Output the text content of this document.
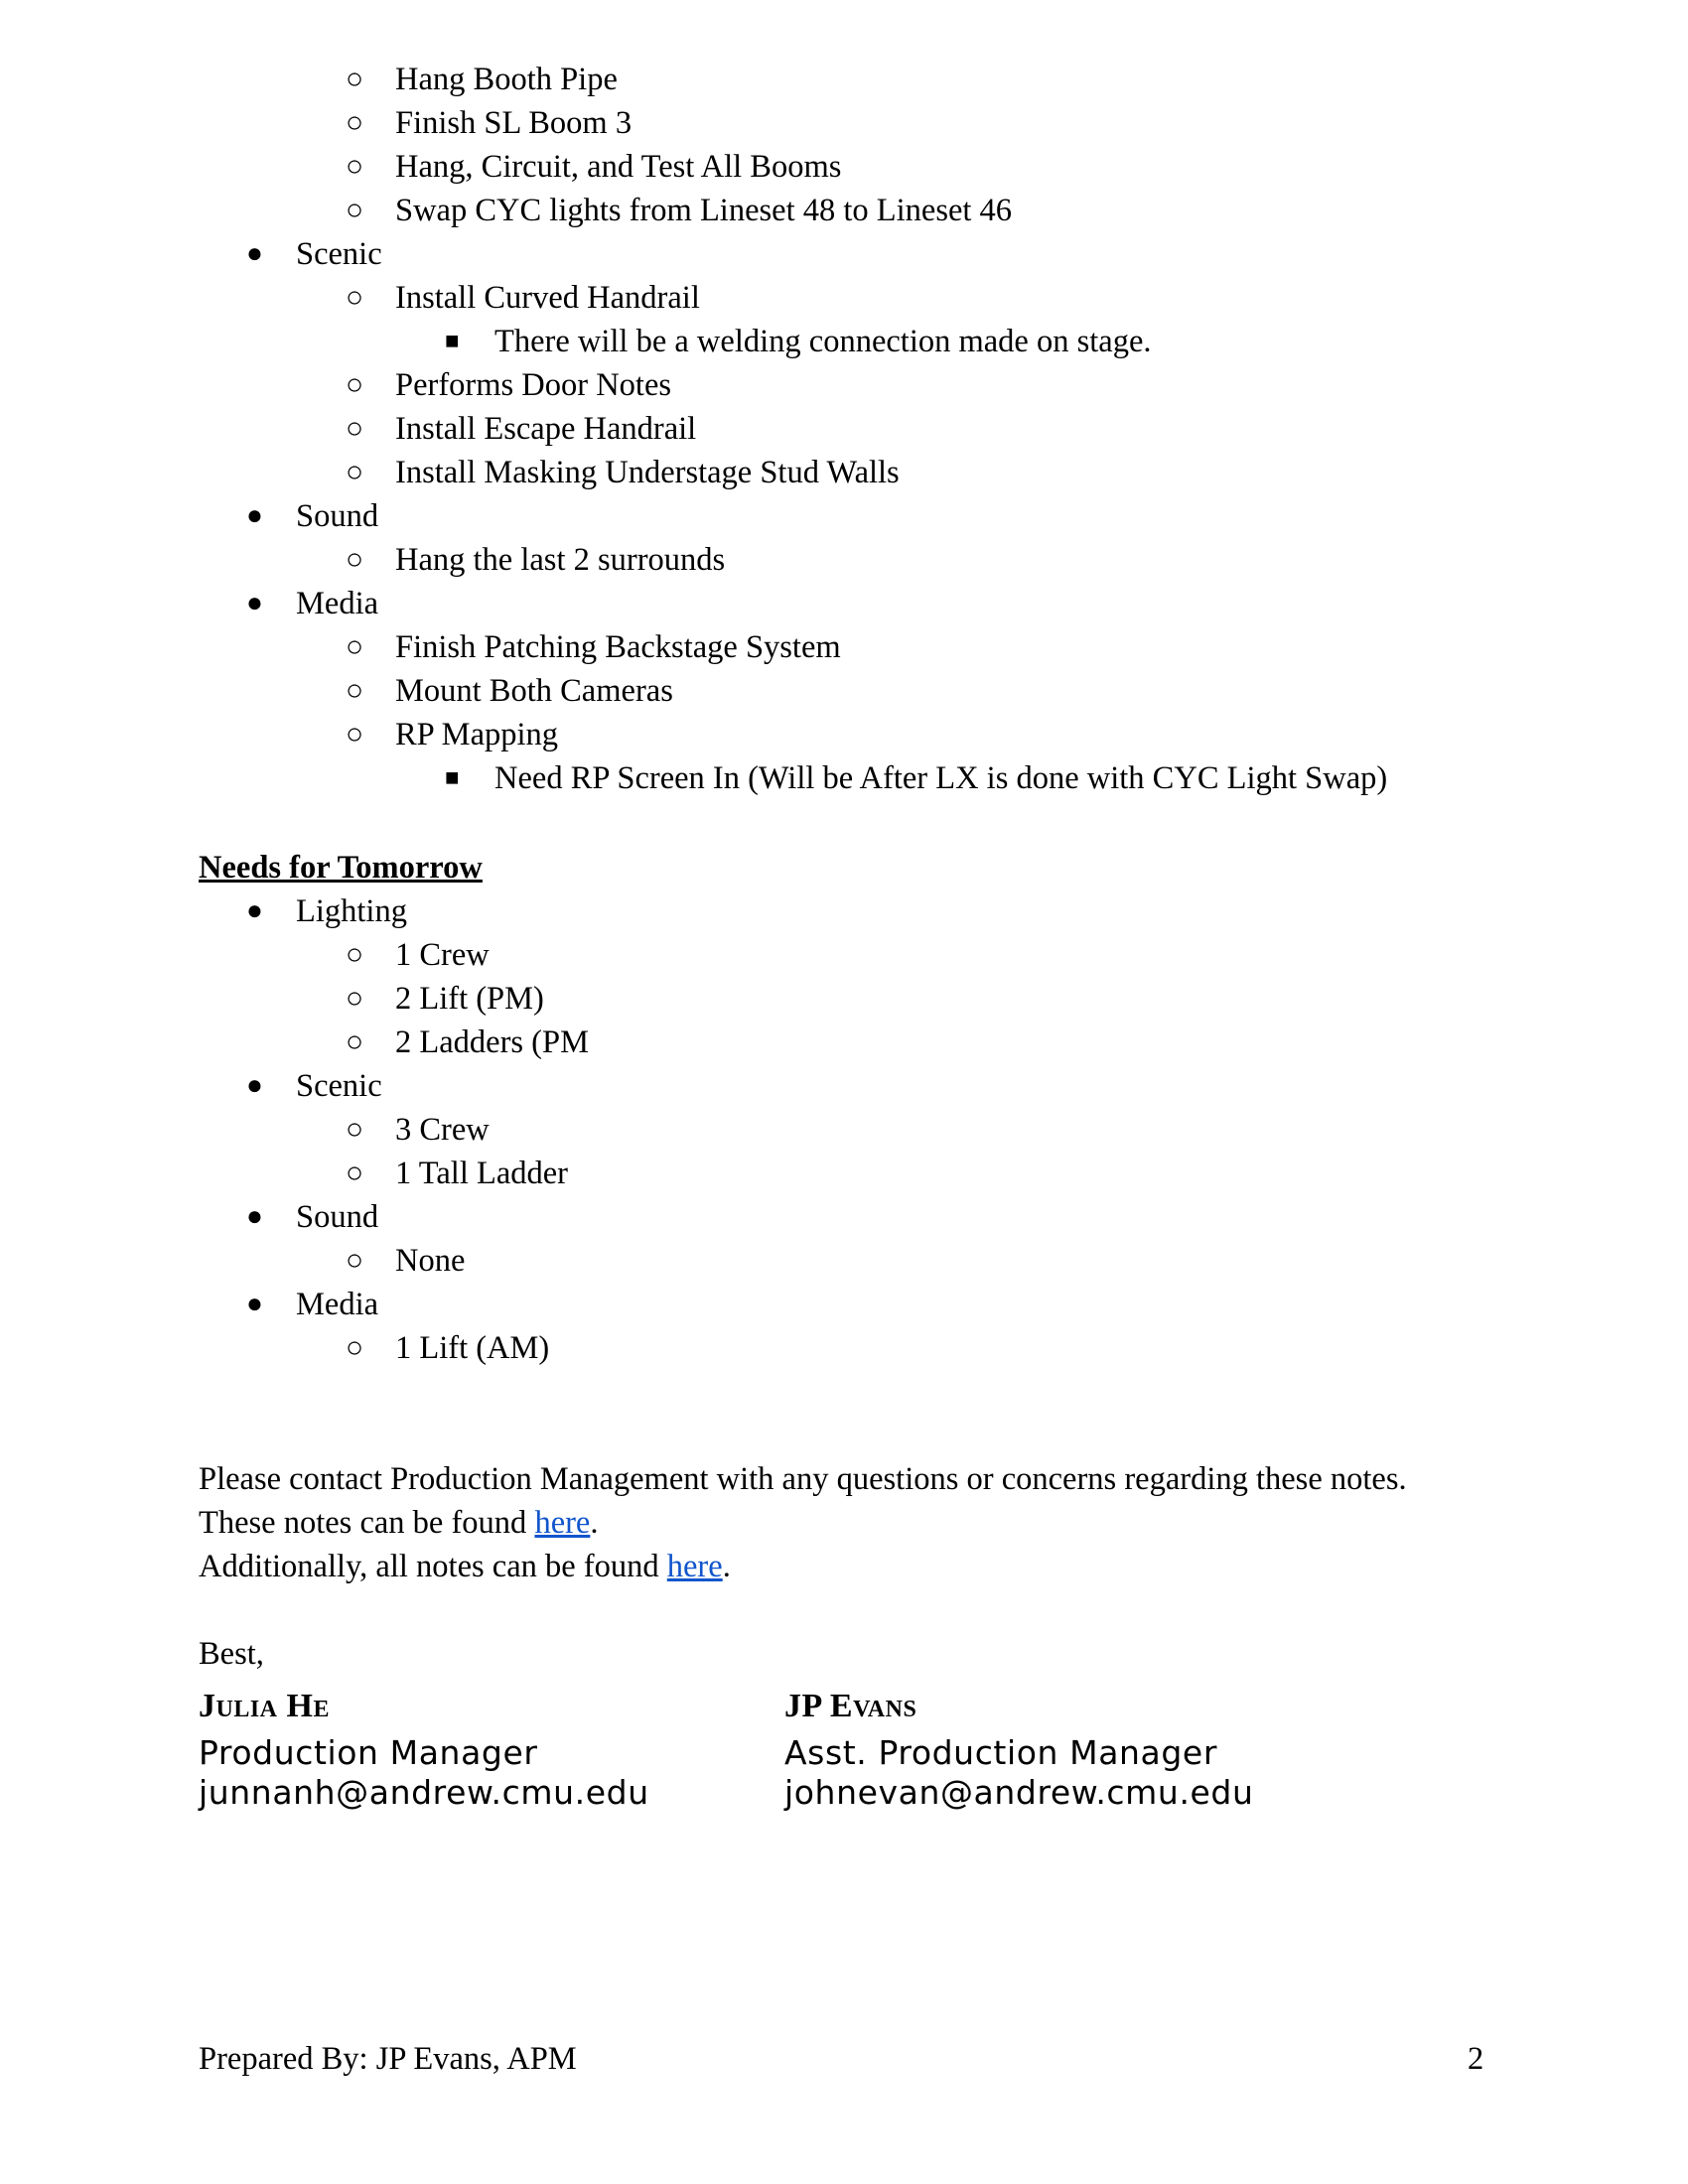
○ Hang Booth Pipe
○ Finish SL Boom 3
○ Hang, Circuit, and Test All Booms
○ Swap CYC lights from Lineset 48 to Lineset 46
● Scenic
○ Install Curved Handrail
■ There will be a welding connection made on stage.
○ Performs Door Notes
○ Install Escape Handrail
○ Install Masking Understage Stud Walls
● Sound
○ Hang the last 2 surrounds
● Media
○ Finish Patching Backstage System
○ Mount Both Cameras
○ RP Mapping
■ Need RP Screen In (Will be After LX is done with CYC Light Swap)
Needs for Tomorrow
● Lighting
○ 1 Crew
○ 2 Lift (PM)
○ 2 Ladders (PM
● Scenic
○ 3 Crew
○ 1 Tall Ladder
● Sound
○ None
● Media
○ 1 Lift (AM)
Please contact Production Management with any questions or concerns regarding these notes.
These notes can be found here.
Additionally, all notes can be found here.
Best,
Julia He
Production Manager
junnanh@andrew.cmu.edu
JP Evans
Asst. Production Manager
johnevan@andrew.cmu.edu
Prepared By: JP Evans, APM	2
